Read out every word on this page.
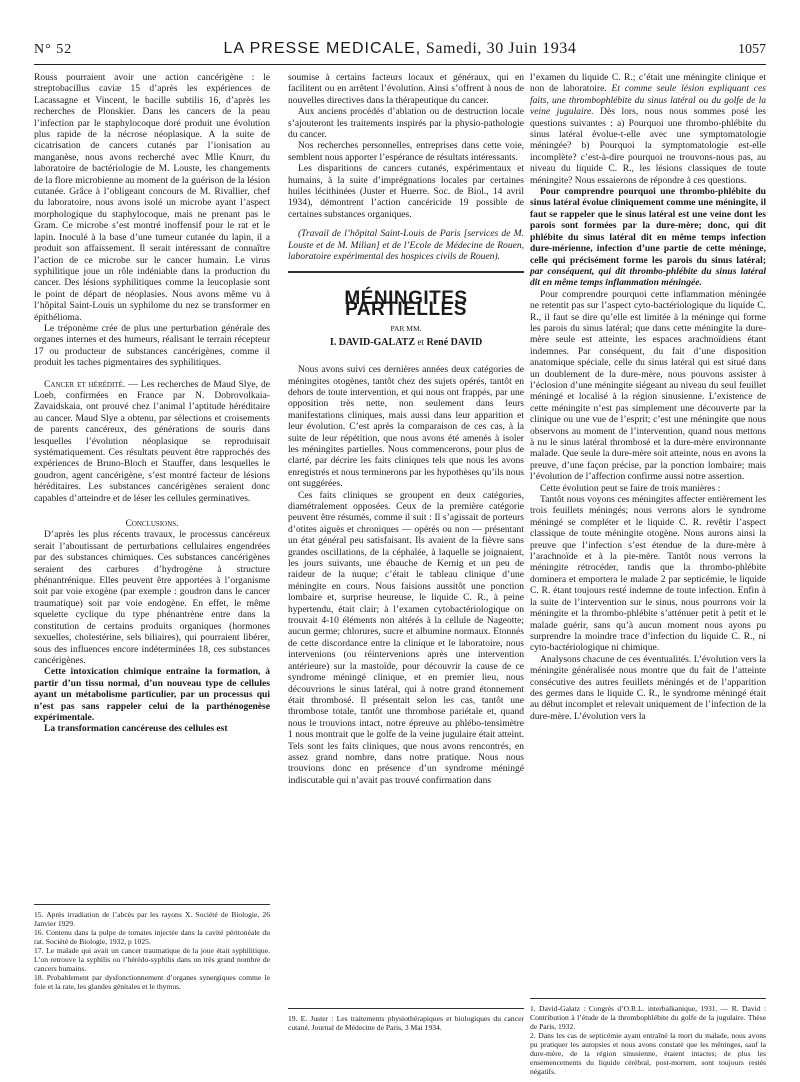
N° 52	LA PRESSE MEDICALE, Samedi, 30 Juin 1934	1057

Rouss pourraient avoir une action cancérigène : le streptobacillus caviæ 15 d’après les expériences de Lacassagne et Vincent, le bacille subtilis 16, d’après les recherches de Plonskier. Dans les cancers de la peau l’infection par le staphylocoque doré produit une évolution plus rapide de la nécrose néoplasique. A la suite de cicatrisation de cancers cutanés par l’ionisation au manganèse, nous avons recherché avec Mlle Knurr, du laboratoire de bactériologie de M. Louste, les changements de la flore microbienne au moment de la guérison de la lésion cutanée. Grâce à l’obligeant concours de M. Rivallier, chef du laboratoire, nous avons isolé un microbe ayant l’aspect morphologique du staphylocoque, mais ne prenant pas le Gram. Ce microbe s’est montré inoffensif pour le rat et le lapin. Inoculé à la base d’une tumeur cutanée du lapin, il a produit son affaissement. Il serait intéressant de connaître l’action de ce microbe sur le cancer humain. Le virus syphilitique joue un rôle indéniable dans la production du cancer. Des lésions syphilitiques comme la leucoplasie sont le point de départ de néoplasies. Nous avons même vu à l’hôpital Saint-Louis un syphilome du nez se transformer en épithélioma.

Le tréponème crée de plus une perturbation générale des organes internes et des humeurs, réalisant le terrain récepteur 17 ou producteur de substances cancérigènes, comme il produit les taches pigmentaires des syphilitiques.

Cancer et hérédité. — Les recherches de Maud Slye, de Loeb, confirmées en France par N. Dobrovolkaia-Zavaidskaia, ont prouvé chez l’animal l’aptitude héréditaire au cancer. Maud Slye a obtenu, par sélections et croisements de parents cancéreux, des générations de souris dans lesquelles l’évolution néoplasique se reproduisait systématiquement. Ces résultats peuvent être rapprochés des expériences de Bruno-Bloch et Stauffer, dans lesquelles le goudron, agent cancérigène, s’est montré facteur de lésions héréditaires. Les substances cancérigènes seraient donc capables d’atteindre et de léser les cellules germinatives.

Conclusions.

D’après les plus récents travaux, le processus cancéreux serait l’aboutissant de perturbations cellulaires engendrées par des substances chimiques. Ces substances cancérigènes seraient des carbures d’hydrogène à structure phénantrénique. Elles peuvent être apportées à l’organisme soit par voie exogène (par exemple : goudron dans le cancer traumatique) soit par voie endogène. En effet, le même squelette cyclique du type phénantrène entre dans la constitution de certains produits organiques (hormones sexuelles, cholestérine, sels biliaires), qui pourraient libérer, sous des influences encore indéterminées 18, ces substances cancérigènes.

Cette intoxication chimique entraîne la formation, à partir d’un tissu normal, d’un nouveau type de cellules ayant un métabolisme particulier, par un processus qui n’est pas sans rappeler celui de la parthénogenèse expérimentale.

La transformation cancéreuse des cellules est

15. Après irradiation de l’abcès par les rayons X. Société de Biologie, 26 Janvier 1929.

16. Contenu dans la pulpe de tomates injectée dans la cavité péritonéale du rat. Société de Biologie, 1932, p 1025.

17. Le malade qui avait un cancer traumatique de la joue était syphilitique. L’on retrouve la syphilis ou l’hérédo-syphilis dans un très grand nombre de cancers humains.

18. Probablement par dysfonctionnement d’organes synergiques comme le foie et la rate, les glandes génitales et le thymus.

soumise à certains facteurs locaux et généraux, qui en facilitent ou en arrêtent l’évolution. Ainsi s’offrent à nous de nouvelles directives dans la thérapeutique du cancer.

Aux anciens procédés d’ablation ou de destruction locale s’ajouteront les traitements inspirés par la physio-pathologie du cancer.

Nos recherches personnelles, entreprises dans cette voie, semblent nous apporter l’espérance de résultats intéressants.

Les disparitions de cancers cutanés, expérimentaux et humains, à la suite d’imprégnations locales par certaines huiles lécithinées (Juster et Huerre. Soc. de Biol., 14 avril 1934), démontrent l’action cancéricide 19 possible de certaines substances organiques.

(Travail de l’hôpital Saint-Louis de Paris [services de M. Louste et de M. Milian] et de l’Ecole de Médecine de Rouen, laboratoire expérimental des hospices civils de Rouen).

MÉNINGITES PARTIELLES
PAR MM.
I. DAVID-GALATZ et René DAVID

Nous avons suivi ces dernières années deux catégories de méningites otogènes, tantôt chez des sujets opérés, tantôt en dehors de toute intervention, et qui nous ont frappés, par une opposition très nette, non seulement dans leurs manifestations cliniques, mais aussi dans leur apparition et leur évolution. C’est après la comparaison de ces cas, à la suite de leur répétition, que nous avons été amenés à isoler les méningites partielles. Nous commencerons, pour plus de clarté, par décrire les faits cliniques tels que nous les avons enregistrés et nous terminerons par les hypothèses qu’ils nous ont suggérées.

Ces faits cliniques se groupent en deux catégories, diamétralement opposées. Ceux de la première catégorie peuvent être résumés, comme il suit : Il s’agissait de porteurs d’otites aiguës et chroniques — opérés ou non — présentant un état général peu satisfaisant. Ils avaient de la fièvre sans grandes oscillations, de la céphalée, à laquelle se joignaient, les jours suivants, une ébauche de Kernig et un peu de raideur de la nuque; c’était le tableau clinique d’une méningite en cours. Nous faisions aussitôt une ponction lombaire et, surprise heureuse, le liquide C. R., à peine hypertendu, était clair; à l’examen cytobactériologique on trouvait 4-10 éléments non altérés à la cellule de Nageotte; aucun germe; chlorures, sucre et albumine normaux. Etonnés de cette discordance entre la clinique et le laboratoire, nous intervenions (ou réintervenions après une intervention antérieure) sur la mastoïde, pour découvrir la cause de ce syndrome méningé clinique, et en premier lieu, nous découvrions le sinus latéral, qui à notre grand étonnement était thrombosé. Il présentait selon les cas, tantôt une thrombose totale, tantôt une thrombose pariétale et, quand nous le trouvions intact, notre épreuve au phlébo-tensimètre 1 nous montrait que le golfe de la veine jugulaire était atteint. Tels sont les faits cliniques, que nous avons rencontrés, en assez grand nombre, dans notre pratique. Nous nous trouvions donc en présence d’un syndrome méningé indiscutable qui n’avait pas trouvé confirmation dans

19. E. Juster : Les traitements physiothérapiques et biologiques du cancer cutané. Journal de Médecine de Paris, 3 Mai 1934.

l’examen du liquide C. R.; c’était une méningite clinique et non de laboratoire. Et comme seule lésion expliquant ces faits, une thrombophlébite du sinus latéral ou du golfe de la veine jugulaire. Dès lors, nous nous sommes posé les questions suivantes : a) Pourquoi une thrombo-phlébite du sinus latéral évolue-t-elle avec une symptomatologie méningée? b) Pourquoi la symptomatologie est-elle incomplète? c’est-à-dire pourquoi ne trouvons-nous pas, au niveau du liquide C. R., les lésions classiques de toute méningite? Nous essaierons de répondre à ces questions.

Pour comprendre pourquoi une thrombo-phlébite du sinus latéral évolue cliniquement comme une méningite, il faut se rappeler que le sinus latéral est une veine dont les parois sont formées par la dure-mère; donc, qui dit phlébite du sinus latéral dit en même temps infection dure-mérienne, infection d’une partie de cette méninge, celle qui précisément forme les parois du sinus latéral; par conséquent, qui dit thrombo-phlébite du sinus latéral dit en même temps inflammation méningée.

Pour comprendre pourquoi cette inflammation méningée ne retentit pas sur l’aspect cyto-bactériologique du liquide C. R., il faut se dire qu’elle est limitée à la méninge qui forme les parois du sinus latéral; que dans cette méningite la dure-mère seule est atteinte, les espaces arachnoïdiens étant indemnes. Par conséquent, du fait d’une disposition anatomique spéciale, celle du sinus latéral qui est situé dans un doublement de la dure-mère, nous pouvons assister à l’éclosion d’une méningite siégeant au niveau du seul feuillet méningé et localisé à la région sinusienne. L’existence de cette méningite n’est pas simplement une découverte par la clinique ou une vue de l’esprit; c’est une méningite que nous observons au moment de l’intervention, quand nous mettons à nu le sinus latéral thrombosé et la dure-mère environnante malade. Que seule la dure-mère soit atteinte, nous en avons la preuve, d’une façon précise, par la ponction lombaire; mais l’évolution de l’affection confirme aussi notre assertion.

Cette évolution peut se faire de trois manières :

Tantôt nous voyons ces méningites affecter entièrement les trois feuillets méningés; nous verrons alors le syndrome méningé se compléter et le liquide C. R. revêtir l’aspect classique de toute méningite otogène. Nous aurons ainsi la preuve que l’infection s’est étendue de la dure-mère à l’arachnoïde et à la pie-mère. Tantôt nous verrons la méningite rétrocéder, tandis que la thrombo-phlébite dominera et emportera le malade 2 par septicémie, le liquide C. R. étant toujours resté indemne de toute infection. Enfin à la suite de l’intervention sur le sinus, nous pourrons voir la méningite et la thrombo-phlébite s’atténuer petit à petit et le malade guérir, sans qu’à aucun moment nous ayons pu surprendre la moindre trace d’infection du liquide C. R., ni cyto-bactériologique ni chimique.

Analysons chacune de ces éventualités. L’évolution vers la méningite généralisée nous montre que du fait de l’atteinte consécutive des autres feuillets méningés et de l’apparition des germes dans le liquide C. R., le syndrome méningé était au début incomplet et relevait uniquement de l’infection de la dure-mère. L’évolution vers la

1. David-Galatz : Congrès d’O.R.L. interbalkanique, 1931. — R. David : Contribution à l’étude de la thrombophlébite du golfe de la jugulaire. Thèse de Paris, 1932.

2. Dans les cas de septicémie ayant entraîné la mort du malade, nous avons pu pratiquer les autopsies et nous avons constaté que les méninges, sauf la dure-mère, de la région sinusienne, étaient intactes; de plus les ensemencements du liquide cérébral, post-mortem, sont toujours restés négatifs.
